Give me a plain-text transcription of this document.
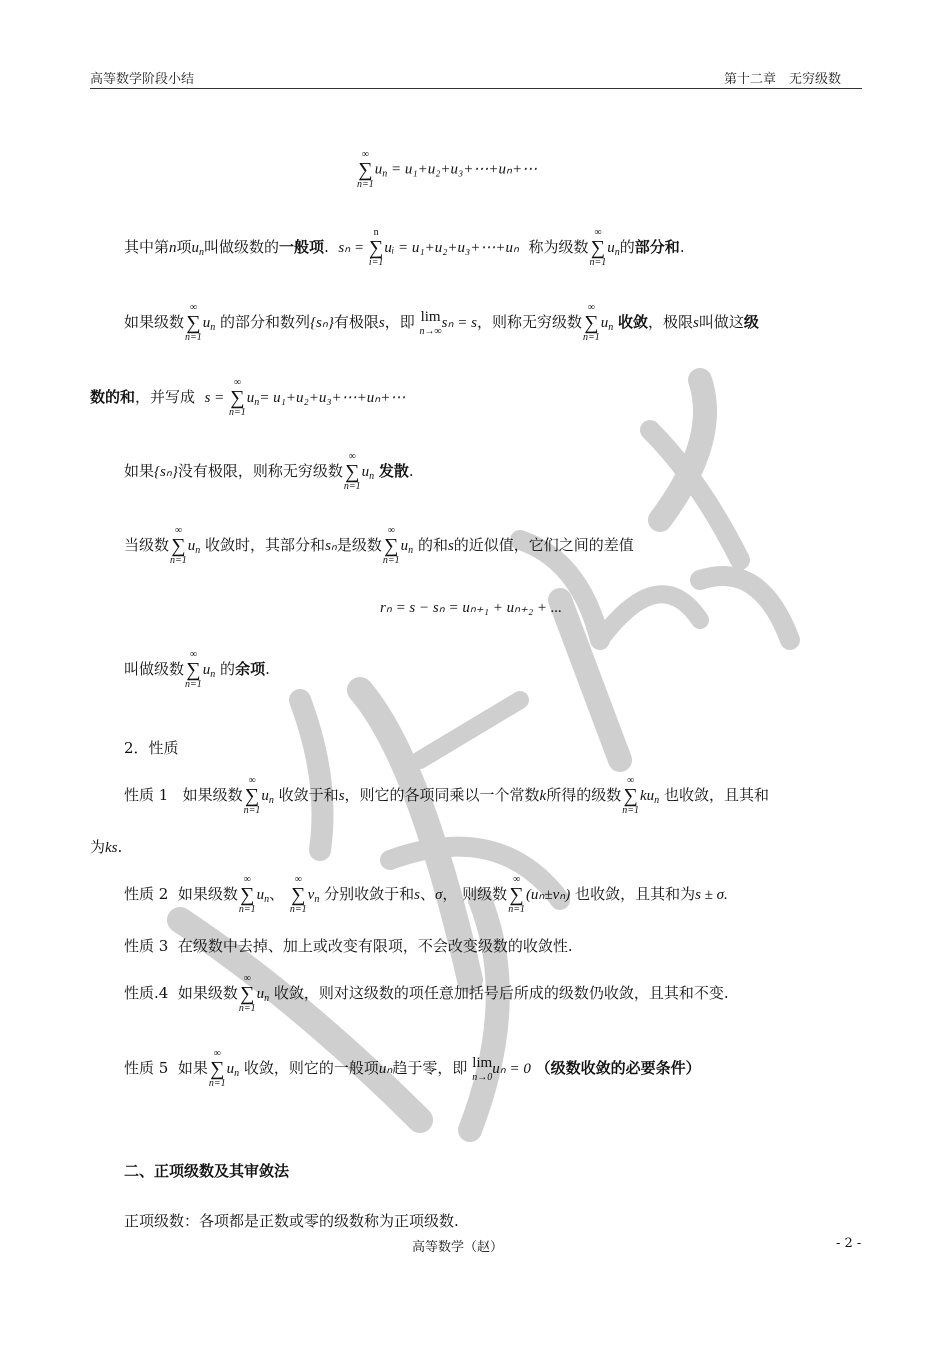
高等数学阶段小结	第十二章　无穷级数
∞
∑
n=1
$u_n$ = u₁+u₂+u₃+⋯+uₙ+⋯
其中第n项$u_n$叫做级数的一般项. sₙ =
n
∑
i=1
uᵢ = u₁+u₂+u₃+⋯+uₙ 称为级数
∞
∑
n=1
$u_n$的部分和.
如果级数
∞
∑
n=1
$u_n$ 的部分和数列{sₙ}有极限s，即 lim
n→∞
sₙ = s，则称无穷级数
∞
∑
n=1
$u_n$ 收敛，极限s叫做这级
数的和，并写成 s =
∞
∑
n=1
$u_n=$ u₁+u₂+u₃+⋯+uₙ+⋯
如果{sₙ}没有极限，则称无穷级数
∞
∑
n=1
$u_n$ 发散.
当级数
∞
∑
n=1
$u_n$ 收敛时，其部分和sₙ是级数
∞
∑
n=1
$u_n$ 的和s的近似值，它们之间的差值
rₙ = s − sₙ = uₙ₊₁ + uₙ₊₂ + ...
叫做级数
∞
∑
n=1
$u_n$ 的余项.
2．性质
性质 1 如果级数
∞
∑
n=1
$u_n$ 收敛于和s，则它的各项同乘以一个常数k所得的级数
∞
∑
n=1
$ku_n$ 也收敛，且其和
为ks.
性质 2 如果级数
∞
∑
n=1
$u_n$、
∞
∑
n=1
$v_n$ 分别收敛于和s、σ， 则级数
∞
∑
n=1
(uₙ±vₙ) 也收敛，且其和为s ± σ.
性质 3 在级数中去掉、加上或改变有限项，不会改变级数的收敛性.
性质.4 如果级数
∞
∑
n=1
$u_n$ 收敛，则对这级数的项任意加括号后所成的级数仍收敛，且其和不变.
性质 5 如果
∞
∑
n=1
$u_n$ 收敛，则它的一般项uₙ趋于零，即 lim
n→0
uₙ = 0 （级数收敛的必要条件）
二、正项级数及其审敛法
正项级数：各项都是正数或零的级数称为正项级数.
高等数学（赵）	- 2 -
